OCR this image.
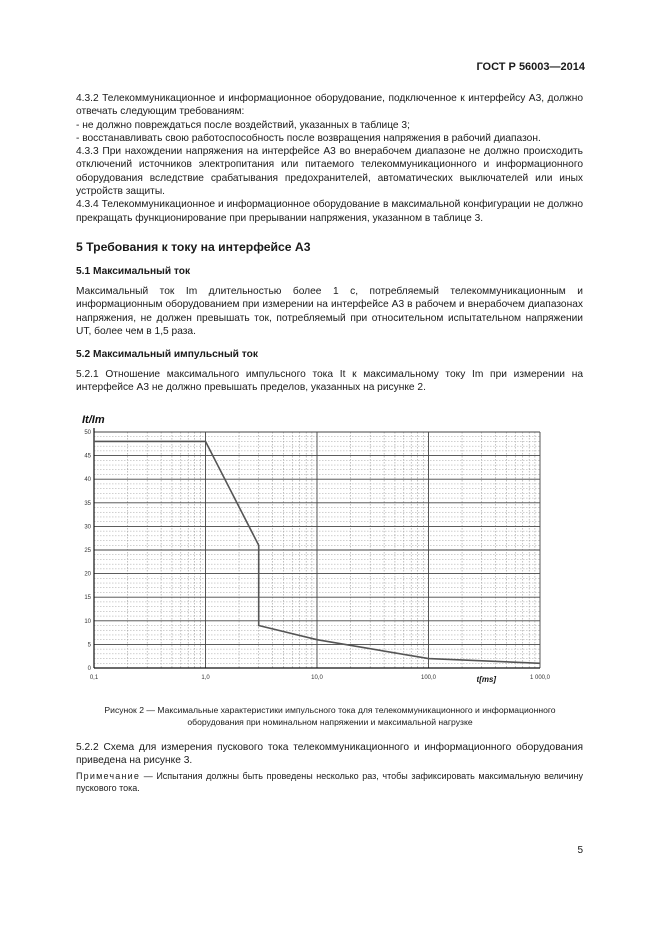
ГОСТ Р 56003—2014

4.3.2 Телекоммуникационное и информационное оборудование, подключенное к интерфейсу А3, должно отвечать следующим требованиям:

- не должно повреждаться после воздействий, указанных в таблице 3;

- восстанавливать свою работоспособность после возвращения напряжения в рабочий диапазон.

4.3.3 При нахождении напряжения на интерфейсе А3 во внерабочем диапазоне не должно происходить отключений источников электропитания или питаемого телекоммуникационного и информационного оборудования вследствие срабатывания предохранителей, автоматических выключателей или иных устройств защиты.

4.3.4 Телекоммуникационное и информационное оборудование в максимальной конфигурации не должно прекращать функционирование при прерывании напряжения, указанном в таблице 3.

5 Требования к току на интерфейсе А3
5.1 Максимальный ток
Максимальный ток Im длительностью более 1 с, потребляемый телекоммуникационным и информационным оборудованием при измерении на интерфейсе А3 в рабочем и внерабочем диапазонах напряжения, не должен превышать ток, потребляемый при относительном испытательном напряжении UT, более чем в 1,5 раза.
5.2 Максимальный импульсный ток
5.2.1 Отношение максимального импульсного тока It к максимальному току Im при измерении на интерфейсе А3 не должно превышать пределов, указанных на рисунке 2.
0
5
10
15
20
25
30
35
40
45
50
0,1	1,0	10,0	100,0	1 000,0
It/Im
t[ms]
Рисунок 2 — Максимальные характеристики импульсного тока для телекоммуникационного и информационного
оборудования при номинальном напряжении и максимальной нагрузке
5.2.2 Схема для измерения пускового тока телекоммуникационного и информационного оборудования приведена на рисунке 3.
Примечание — Испытания должны быть проведены несколько раз, чтобы зафиксировать максимальную величину пускового тока.
5
